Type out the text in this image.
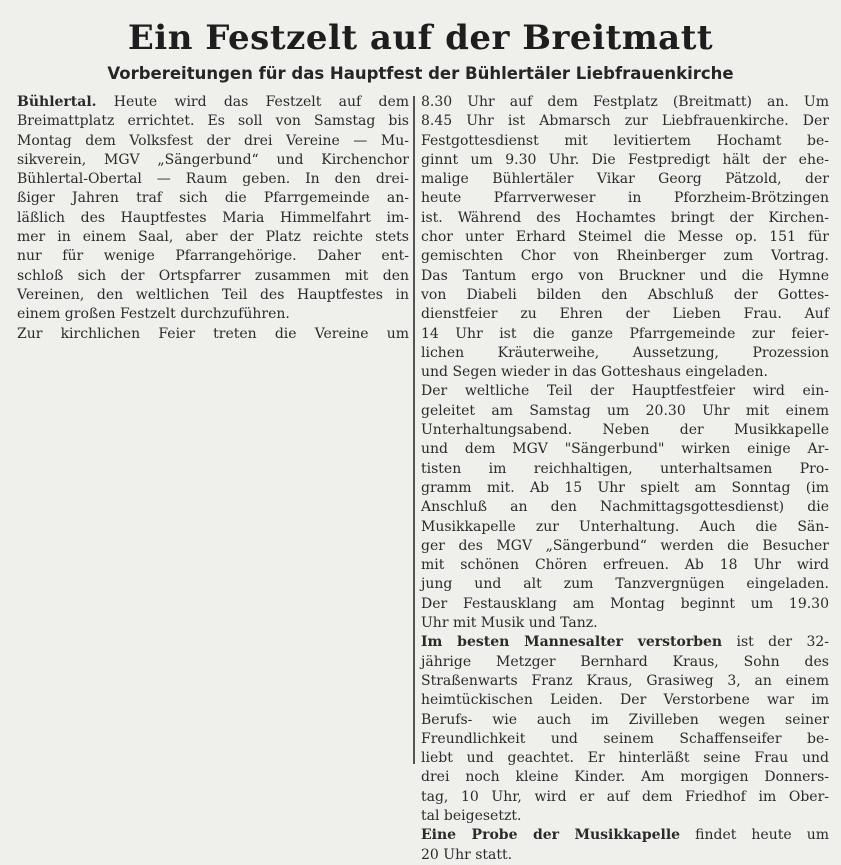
Ein Festzelt auf der Breitmatt
Vorbereitungen für das Hauptfest der Bühlertäler Liebfrauenkirche
Bühlertal. Heute wird das Festzelt auf dem
Breimattplatz errichtet. Es soll von Samstag bis
Montag dem Volksfest der drei Vereine — Mu-
sikverein, MGV „Sängerbund“ und Kirchenchor
Bühlertal-Obertal — Raum geben. In den drei-
ßiger Jahren traf sich die Pfarrgemeinde an-
läßlich des Hauptfestes Maria Himmelfahrt im-
mer in einem Saal, aber der Platz reichte stets
nur für wenige Pfarrangehörige. Daher ent-
schloß sich der Ortspfarrer zusammen mit den
Vereinen, den weltlichen Teil des Hauptfestes in
einem großen Festzelt durchzuführen.
Zur kirchlichen Feier treten die Vereine um
8.30 Uhr auf dem Festplatz (Breitmatt) an. Um
8.45 Uhr ist Abmarsch zur Liebfrauenkirche. Der
Festgottesdienst mit levitiertem Hochamt be-
ginnt um 9.30 Uhr. Die Festpredigt hält der ehe-
malige Bühlertäler Vikar Georg Pätzold, der
heute Pfarrverweser in Pforzheim-Brötzingen
ist. Während des Hochamtes bringt der Kirchen-
chor unter Erhard Steimel die Messe op. 151 für
gemischten Chor von Rheinberger zum Vortrag.
Das Tantum ergo von Bruckner und die Hymne
von Diabeli bilden den Abschluß der Gottes-
dienstfeier zu Ehren der Lieben Frau. Auf
14 Uhr ist die ganze Pfarrgemeinde zur feier-
lichen Kräuterweihe, Aussetzung, Prozession
und Segen wieder in das Gotteshaus eingeladen.
Der weltliche Teil der Hauptfestfeier wird ein-
geleitet am Samstag um 20.30 Uhr mit einem
Unterhaltungsabend. Neben der Musikkapelle
und dem MGV "Sängerbund" wirken einige Ar-
tisten im reichhaltigen, unterhaltsamen Pro-
gramm mit. Ab 15 Uhr spielt am Sonntag (im
Anschluß an den Nachmittagsgottesdienst) die
Musikkapelle zur Unterhaltung. Auch die Sän-
ger des MGV „Sängerbund“ werden die Besucher
mit schönen Chören erfreuen. Ab 18 Uhr wird
jung und alt zum Tanzvergnügen eingeladen.
Der Festausklang am Montag beginnt um 19.30
Uhr mit Musik und Tanz.
Im besten Mannesalter verstorben ist der 32-
jährige Metzger Bernhard Kraus, Sohn des
Straßenwarts Franz Kraus, Grasiweg 3, an einem
heimtückischen Leiden. Der Verstorbene war im
Berufs- wie auch im Zivilleben wegen seiner
Freundlichkeit und seinem Schaffenseifer be-
liebt und geachtet. Er hinterläßt seine Frau und
drei noch kleine Kinder. Am morgigen Donners-
tag, 10 Uhr, wird er auf dem Friedhof im Ober-
tal beigesetzt.
Eine Probe der Musikkapelle findet heute um
20 Uhr statt.
